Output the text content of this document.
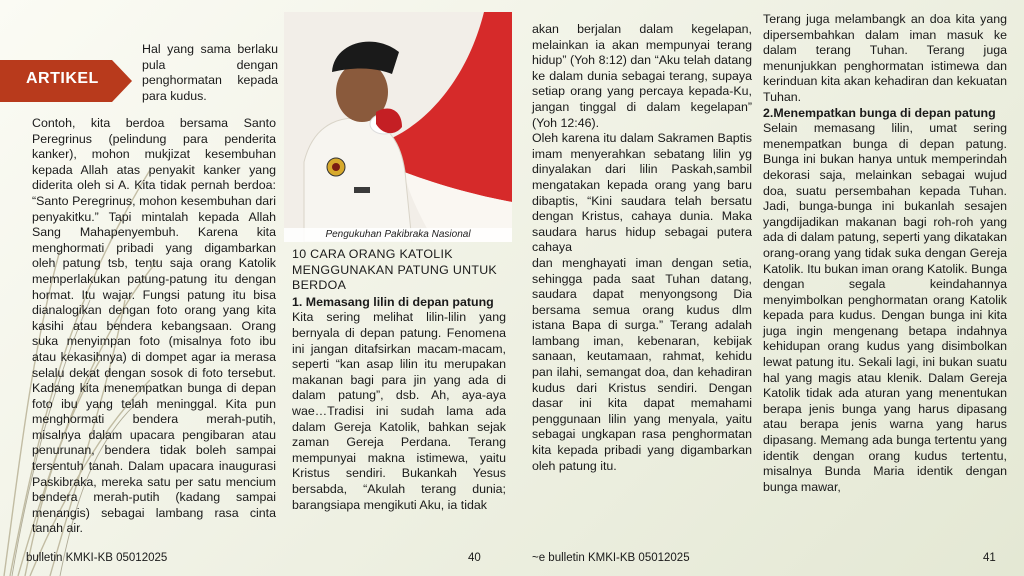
ARTIKEL

Hal yang sama berlaku pula dengan penghormatan kepada para kudus.

Contoh, kita berdoa bersama Santo Peregrinus (pelindung para penderita kanker), mohon mukjizat kesembuhan kepada Allah atas penyakit kanker yang diderita oleh si A. Kita tidak pernah berdoa: “Santo Peregrinus, mohon kesembuhan dari penyakitku.” Tapi mintalah kepada Allah Sang Mahapenyembuh. Karena kita menghormati pribadi yang digambarkan oleh patung tsb, tentu saja orang Katolik memperlakukan patung-patung itu dengan hormat. Itu wajar. Fungsi patung itu bisa dianalogikan dengan foto orang yang kita kasihi atau bendera kebangsaan. Orang suka menyimpan foto (misalnya foto ibu atau kekasihnya) di dompet agar ia merasa selalu dekat dengan sosok di foto tersebut. Kadang kita menempatkan bunga di depan foto ibu yang telah meninggal. Kita pun menghormati bendera merah-putih, misalnya dalam upacara pengibaran atau penurunan, bendera tidak boleh sampai tersentuh tanah. Dalam upacara inaugurasi Paskibraka, mereka satu per satu mencium bendera merah-putih (kadang sampai menangis) sebagai lambang rasa cinta tanah air.

Pengukuhan Pakibraka Nasional

10 CARA ORANG KATOLIK MENGGUNAKAN PATUNG UNTUK BERDOA

1. Memasang lilin di depan patung

Kita sering melihat lilin-lilin yang bernyala di depan patung. Fenomena ini jangan ditafsirkan macam-macam, seperti “kan asap lilin itu merupakan makanan bagi para jin yang ada di dalam patung”, dsb. Ah, aya-aya wae…Tradisi ini sudah lama ada dalam Gereja Katolik, bahkan sejak zaman Gereja Perdana. Terang mempunyai makna istimewa, yaitu Kristus sendiri. Bukankah Yesus bersabda, “Akulah terang dunia; barangsiapa mengikuti Aku, ia tidak

akan berjalan dalam kegelapan, melainkan ia akan mempunyai terang hidup” (Yoh 8:12) dan “Aku telah datang ke dalam dunia sebagai terang, supaya setiap orang yang percaya kepada-Ku, jangan tinggal di dalam kegelapan” (Yoh 12:46).

Oleh karena itu dalam Sakramen Baptis imam menyerahkan sebatang lilin yg dinyalakan dari lilin Paskah,sambil mengatakan kepada orang yang baru dibaptis, “Kini saudara telah bersatu dengan Kristus, cahaya dunia. Maka saudara harus hidup sebagai putera cahaya

dan menghayati iman dengan setia, sehingga pada saat Tuhan datang, saudara dapat menyongsong Dia bersama semua orang kudus dlm istana Bapa di surga.” Terang adalah lambang iman, kebenaran, kebijak sanaan, keutamaan, rahmat, kehidu pan ilahi, semangat doa, dan kehadiran kudus dari Kristus sendiri. Dengan dasar ini kita dapat memahami penggunaan lilin yang menyala, yaitu sebagai ungkapan rasa penghormatan kita kepada pribadi yang digambarkan oleh patung itu.

Terang juga melambangk an doa kita yang dipersembahkan dalam iman masuk ke dalam terang Tuhan. Terang juga menunjukkan penghormatan istimewa dan kerinduan kita akan kehadiran dan kekuatan Tuhan.

2.Menempatkan bunga di depan patung

Selain memasang lilin, umat sering menempatkan bunga di depan patung. Bunga ini bukan hanya untuk memperindah dekorasi saja, melainkan sebagai wujud doa, suatu persembahan kepada Tuhan. Jadi, bunga-bunga ini bukanlah sesajen yangdijadikan makanan bagi roh-roh yang ada di dalam patung, seperti yang dikatakan orang-orang yang tidak suka dengan Gereja Katolik. Itu bukan iman orang Katolik. Bunga dengan segala keindahannya menyimbolkan penghormatan orang Katolik kepada para kudus. Dengan bunga ini kita juga ingin mengenang betapa indahnya kehidupan orang kudus yang disimbolkan lewat patung itu. Sekali lagi, ini bukan suatu hal yang magis atau klenik. Dalam Gereja Katolik tidak ada aturan yang menentukan berapa jenis bunga yang harus dipasang atau berapa jenis warna yang harus dipasang. Memang ada bunga tertentu yang identik dengan orang kudus tertentu, misalnya Bunda Maria identik dengan bunga mawar,

bulletin KMKI-KB 05012025	40	~e bulletin KMKI-KB 05012025	41
